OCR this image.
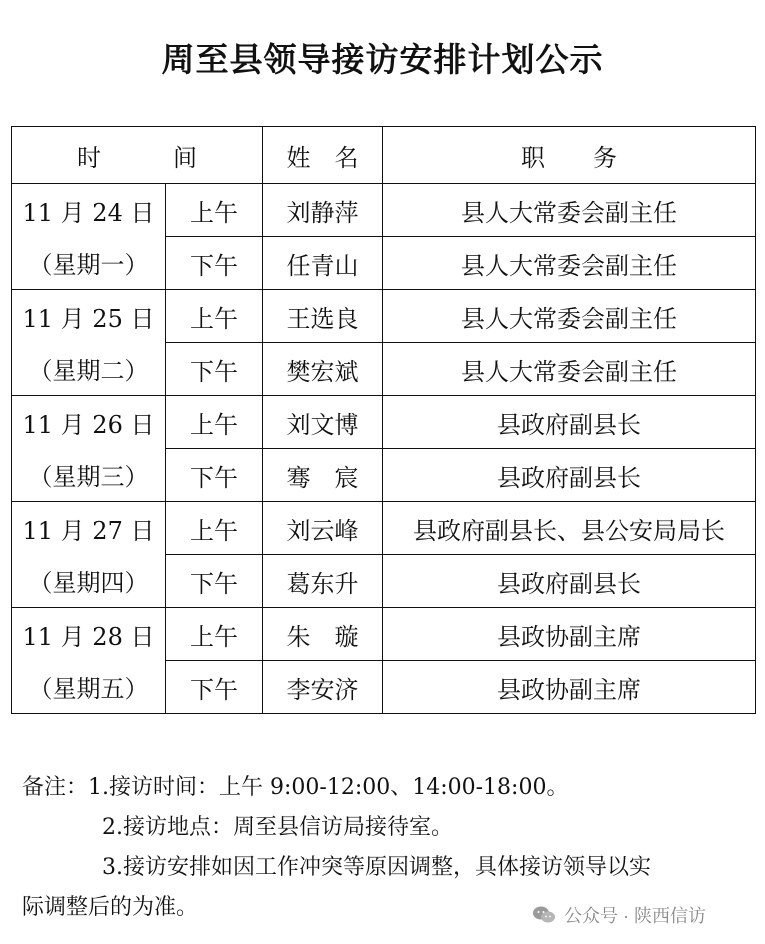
周至县领导接访安排计划公示
时　　　间		姓　名	职　　务
11 月 24 日	上午	刘静萍	县人大常委会副主任
（星期一）	下午	任青山	县人大常委会副主任
11 月 25 日	上午	王选良	县人大常委会副主任
（星期二）	下午	樊宏斌	县人大常委会副主任
11 月 26 日	上午	刘文博	县政府副县长
（星期三）	下午	骞　宸	县政府副县长
11 月 27 日	上午	刘云峰	县政府副县长、县公安局局长
（星期四）	下午	葛东升	县政府副县长
11 月 28 日	上午	朱　璇	县政协副主席
（星期五）	下午	李安济	县政协副主席
备注：1.接访时间：上午 9:00-12:00、14:00-18:00。
2.接访地点：周至县信访局接待室。
3.接访安排如因工作冲突等原因调整，具体接访领导以实
际调整后的为准。	公众号 · 陕西信访
